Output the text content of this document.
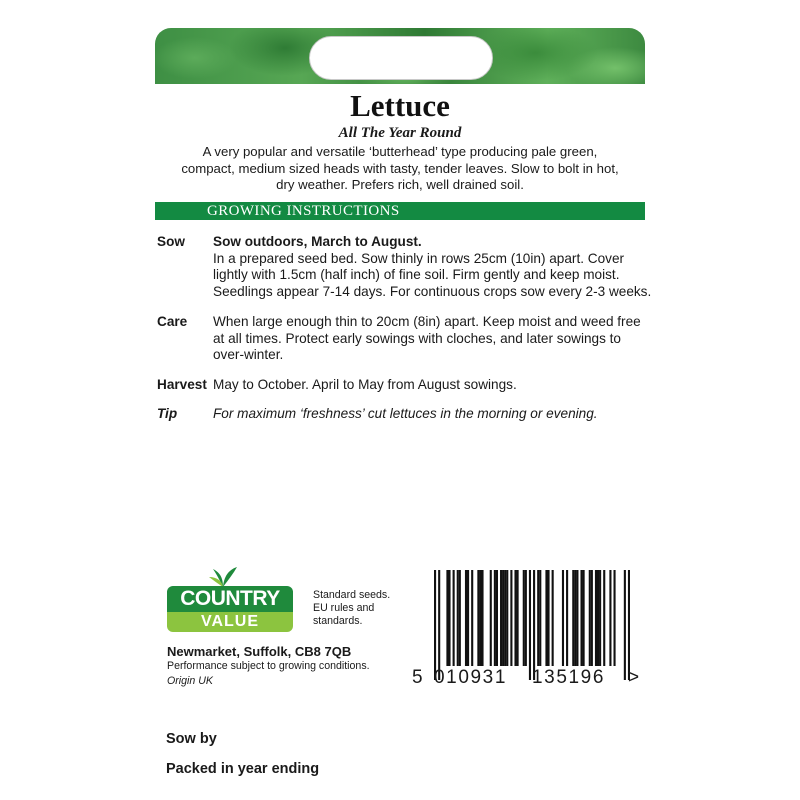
Lettuce
All The Year Round
A very popular and versatile ‘butterhead’ type producing pale green, compact, medium sized heads with tasty, tender leaves. Slow to bolt in hot, dry weather. Prefers rich, well drained soil.
GROWING INSTRUCTIONS
Sow Sow outdoors, March to August.
In a prepared seed bed. Sow thinly in rows 25cm (10in) apart. Cover lightly with 1.5cm (half inch) of fine soil. Firm gently and keep moist. Seedlings appear 7-14 days. For continuous crops sow every 2-3 weeks.
Care When large enough thin to 20cm (8in) apart. Keep moist and weed free at all times. Protect early sowings with cloches, and later sowings to over-winter.
Harvest May to October. April to May from August sowings.
Tip	For maximum ‘freshness’ cut lettuces in the morning or evening.
COUNTRY
VALUE
Standard seeds. EU rules and standards.
Newmarket, Suffolk, CB8 7QB
Performance subject to growing conditions.
Origin UK	5 010931 135196 >
Sow by
Packed in year ending
